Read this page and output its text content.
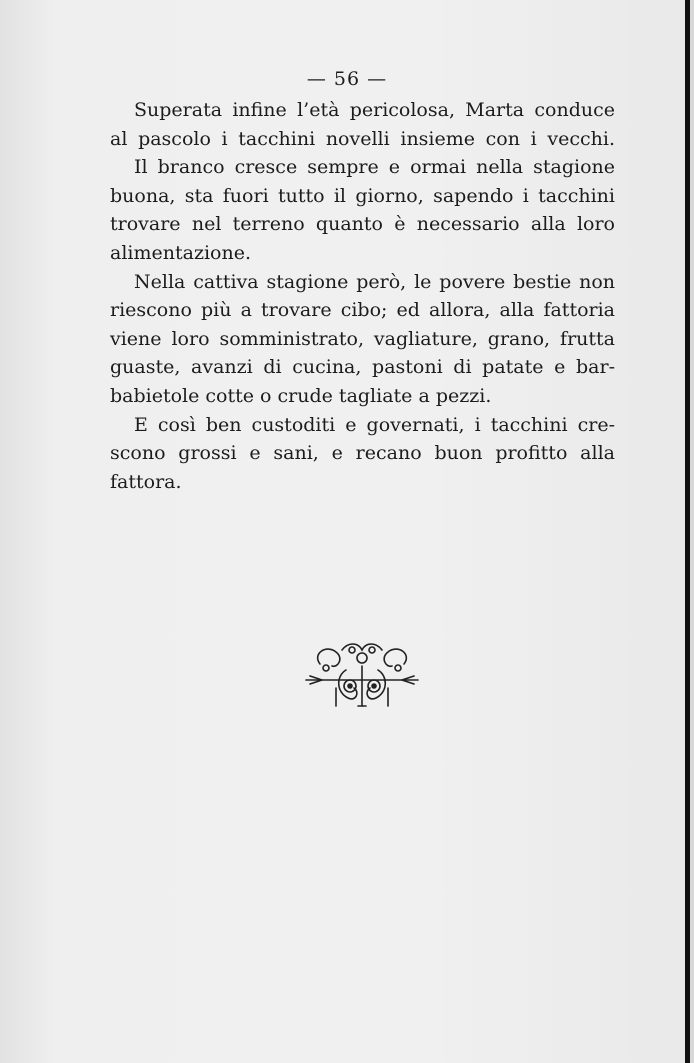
— 56 —

Superata infine l’età pericolosa, Marta conduce

al pascolo i tacchini novelli insieme con i vecchi.

Il branco cresce sempre e ormai nella stagione

buona, sta fuori tutto il giorno, sapendo i tacchini

trovare nel terreno quanto è necessario alla loro

alimentazione.

Nella cattiva stagione però, le povere bestie non

riescono più a trovare cibo; ed allora, alla fattoria

viene loro somministrato, vagliature, grano, frutta

guaste, avanzi di cucina, pastoni di patate e bar-

babietole cotte o crude tagliate a pezzi.

E così ben custoditi e governati, i tacchini cre-

scono grossi e sani, e recano buon profitto alla

fattora.
